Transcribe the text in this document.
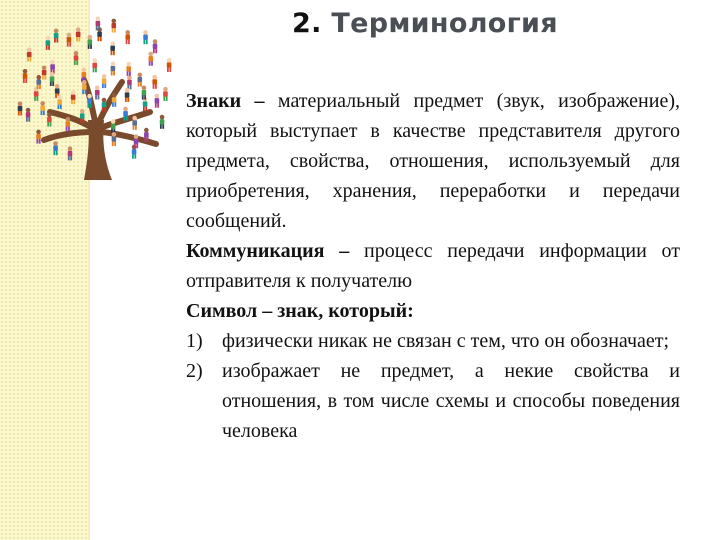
2. Терминология

Знаки – материальный предмет (звук, изображение), который выступает в качестве представителя другого предмета, свойства, отношения, используемый для приобретения, хранения, переработки и передачи сообщений.

Коммуникация – процесс передачи информации от отправителя к получателю

Символ – знак, который:

1) физически никак не связан с тем, что он обозначает;
2) изображает не предмет, а некие свойства и отношения, в том числе схемы и способы поведения человека
